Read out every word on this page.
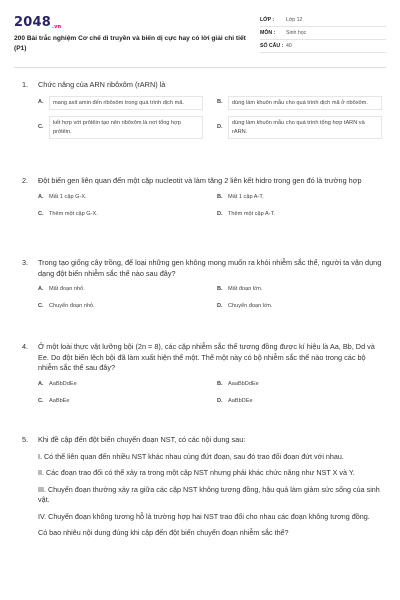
2048.vn
200 Bài trắc nghiệm Cơ chế di truyền và biến dị cực hay có lời giải chi tiết (P1)
LỚP :	Lớp 12
MÔN :	Sinh học
SỐ CÂU : 40
1.	Chức năng của ARN ribôxôm (rARN) là
A.	mang axit amin đến ribôxôm trong quá trình dịch mã.	B.	dùng làm khuôn mẫu cho quá trình dịch mã ở ribôxôm.
C.
kết hợp với prôtêin tạo nên ribôxôm là nơi tổng hợp prôtêin.
D.
dùng làm khuôn mẫu cho quá trình tổng hợp tARN và rARN.
2.	Đột biến gen liên quan đến một cặp nucleotit và làm tăng 2 liên kết hidro trong gen đó là trường hợp
A. Mất 1 cặp G-X.	B. Mất 1 cặp A-T.
C. Thêm một cặp G-X.	D. Thêm một cặp A-T.
3.	Trong tạo giống cây trồng, để loại những gen không mong muốn ra khỏi nhiễm sắc thể, người ta vận dụng dạng đột biến nhiễm sắc thể nào sau đây?
A. Mất đoạn nhỏ.	B. Mất đoạn lớn.
C. Chuyển đoạn nhỏ.	D. Chuyển đoạn lớn.
4.	Ở một loài thực vật lưỡng bội (2n = 8), các cặp nhiễm sắc thể tương đồng được kí hiệu là Aa, Bb, Dd và Ee. Do đột biến lệch bội đã làm xuất hiện thể một. Thể một này có bộ nhiễm sắc thể nào trong các bộ nhiễm sắc thể sau đây?
A. AaBbDdEe	B. AaaBbDdEe
C. AaBbEe	D. AaBbDEe
5.	Khi đề cập đến đột biến chuyển đoạn NST, có các nội dung sau:
I. Có thể liên quan đến nhiều NST khác nhau cùng đứt đoạn, sau đó trao đổi đoạn đứt với nhau.
II. Các đoạn trao đổi có thể xảy ra trong một cặp NST nhưng phải khác chức năng như NST X và Y.
III. Chuyển đoạn thường xảy ra giữa các cặp NST không tương đồng, hậu quả làm giảm sức sống của sinh vật.
IV. Chuyển đoạn không tương hỗ là trường hợp hai NST trao đổi cho nhau các đoạn không tương đồng.
Có bao nhiêu nội dung đúng khi cập đến đột biến chuyển đoạn nhiễm sắc thể?
